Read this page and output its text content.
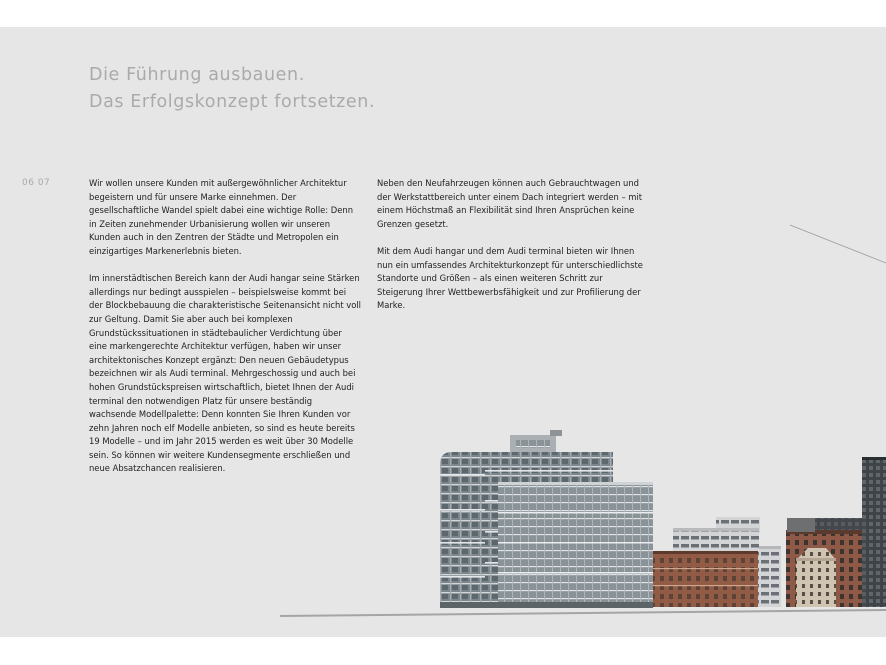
Die Führung ausbauen.
Das Erfolgskonzept fortsetzen.
06 07	Wir wollen unsere Kunden mit außergewöhnlicher Architektur begeistern und für unsere Marke einnehmen. Der gesellschaftliche Wandel spielt dabei eine wichtige Rolle: Denn in Zeiten zunehmender Urbanisierung wollen wir unseren Kunden auch in den Zentren der Städte und Metropolen ein einzigartiges Markenerlebnis bieten.

Im innerstädtischen Bereich kann der Audi hangar seine Stärken allerdings nur bedingt ausspielen – beispielsweise kommt bei der Blockbebauung die charakteristische Seitenansicht nicht voll zur Geltung. Damit Sie aber auch bei komplexen Grundstückssituationen in städtebaulicher Verdichtung über eine markengerechte Architektur verfügen, haben wir unser architektonisches Konzept ergänzt: Den neuen Gebäudetypus bezeichnen wir als Audi terminal. Mehrgeschossig und auch bei hohen Grundstückspreisen wirtschaftlich, bietet Ihnen der Audi terminal den notwendigen Platz für unsere beständig wachsende Modellpalette: Denn konnten Sie Ihren Kunden vor zehn Jahren noch elf Modelle anbieten, so sind es heute bereits 19 Modelle – und im Jahr 2015 werden es weit über 30 Modelle sein. So können wir weitere Kundensegmente erschließen und neue Absatzchancen realisieren.

Neben den Neufahrzeugen können auch Gebrauchtwagen und der Werkstattbereich unter einem Dach integriert werden – mit einem Höchstmaß an Flexibilität sind Ihren Ansprüchen keine Grenzen gesetzt.

Mit dem Audi hangar und dem Audi terminal bieten wir Ihnen nun ein umfassendes Architekturkonzept für unterschiedlichste Standorte und Größen – als einen weiteren Schritt zur Steigerung Ihrer Wettbewerbsfähigkeit und zur Profilierung der Marke.
